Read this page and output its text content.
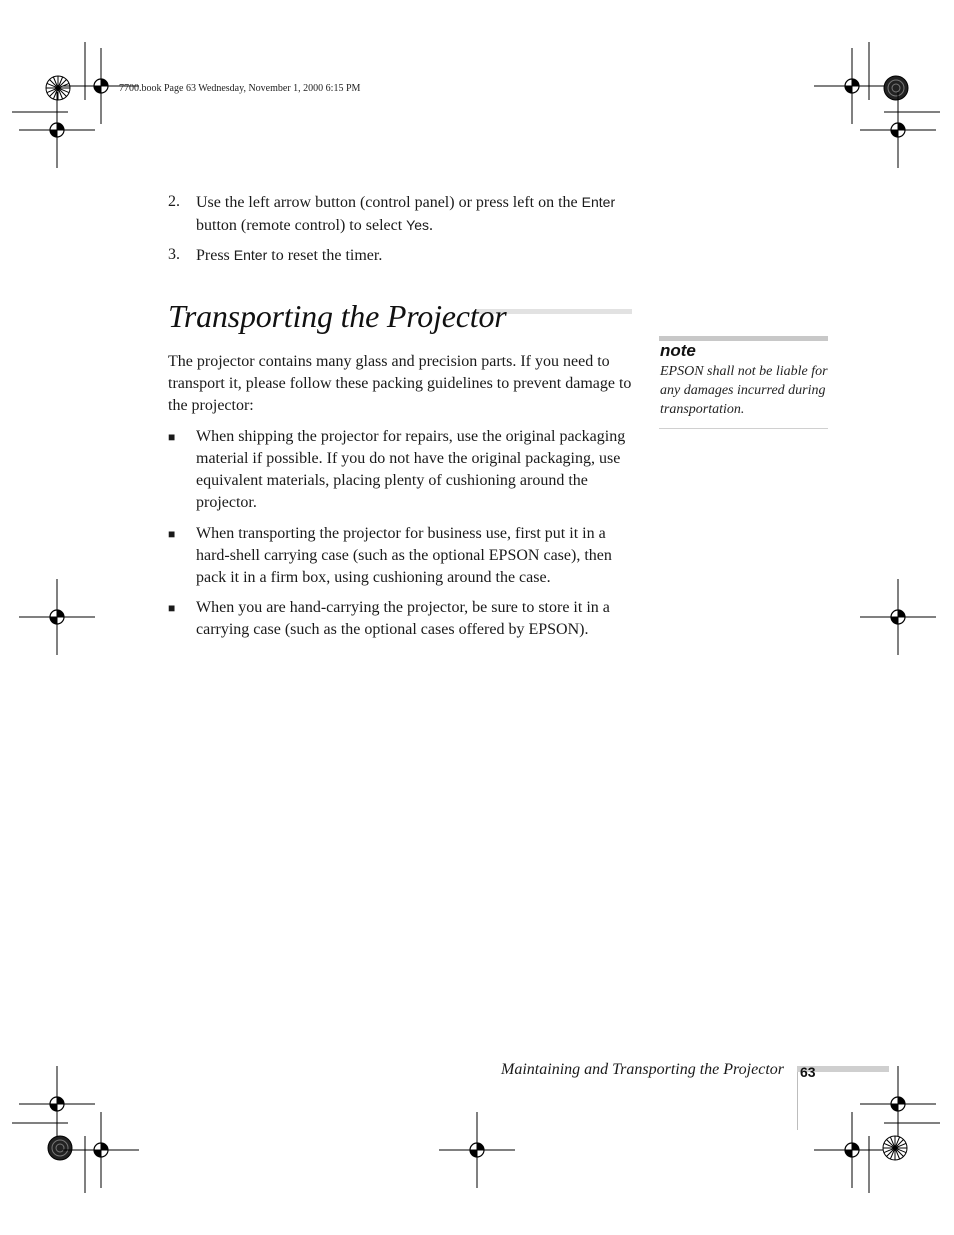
7700.book Page 63 Wednesday, November 1, 2000 6:15 PM
2. Use the left arrow button (control panel) or press left on the Enter button (remote control) to select Yes.
3. Press Enter to reset the timer.
Transporting the Projector
The projector contains many glass and precision parts. If you need to transport it, please follow these packing guidelines to prevent damage to the projector:
■ When shipping the projector for repairs, use the original packaging material if possible. If you do not have the original packaging, use equivalent materials, placing plenty of cushioning around the projector.
■ When transporting the projector for business use, first put it in a hard-shell carrying case (such as the optional EPSON case), then pack it in a firm box, using cushioning around the case.
■ When you are hand-carrying the projector, be sure to store it in a carrying case (such as the optional cases offered by EPSON).
note
EPSON shall not be liable for any damages incurred during transportation.
Maintaining and Transporting the Projector 63
